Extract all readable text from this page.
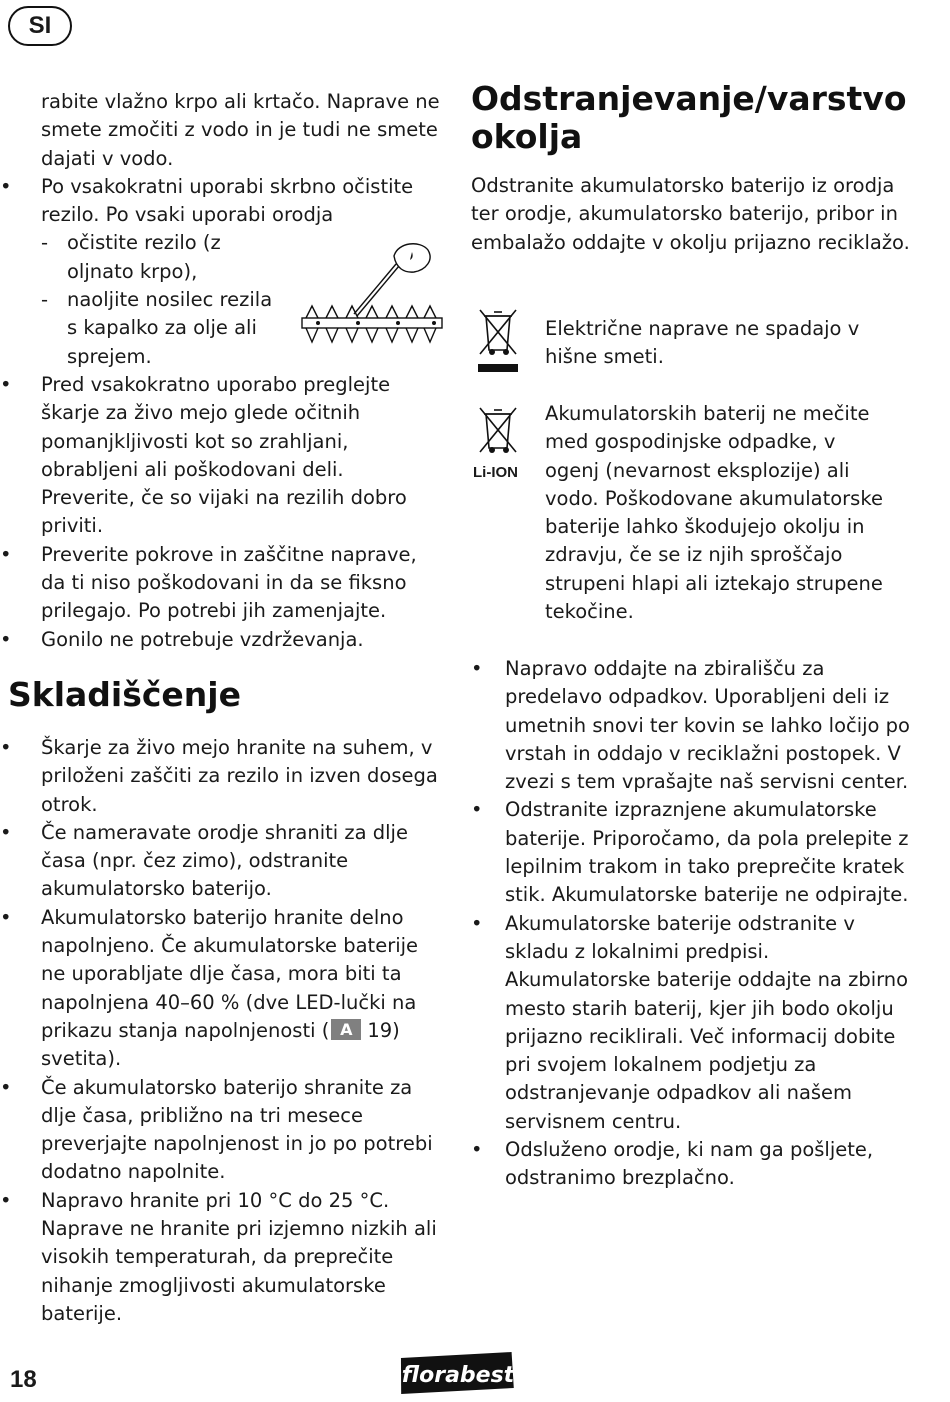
SI

rabite vlažno krpo ali krtačo. Naprave ne smete zmočiti z vodo in je tudi ne smete dajati v vodo.

• Po vsakokratni uporabi skrbno očistite rezilo. Po vsaki uporabi orodja

- očistite rezilo (z oljnato krpo),

- naoljite nosilec rezila s kapalko za olje ali sprejem.

• Pred vsakokratno uporabo preglejte škarje za živo mejo glede očitnih pomanjkljivosti kot so zrahljani, obrabljeni ali poškodovani deli. Preverite, če so vijaki na rezilih dobro priviti.

• Preverite pokrove in zaščitne naprave, da ti niso poškodovani in da se fiksno prilegajo. Po potrebi jih zamenjajte.

• Gonilo ne potrebuje vzdrževanja.

Skladiščenje

• Škarje za živo mejo hranite na suhem, v priloženi zaščiti za rezilo in izven dosega otrok.

• Če nameravate orodje shraniti za dlje časa (npr. čez zimo), odstranite akumulatorsko baterijo.

• Akumulatorsko baterijo hranite delno napolnjeno. Če akumulatorske baterije ne uporabljate dlje časa, mora biti ta napolnjena 40–60 % (dve LED-lučki na prikazu stanja napolnjenosti ( A 19) svetita).

• Če akumulatorsko baterijo shranite za dlje časa, približno na tri mesece preverjajte napolnjenost in jo po potrebi dodatno napolnite.

• Napravo hranite pri 10 °C do 25 °C. Naprave ne hranite pri izjemno nizkih ali visokih temperaturah, da preprečite nihanje zmogljivosti akumulatorske baterije.

Odstranjevanje/varstvo
okolja

Odstranite akumulatorsko baterijo iz orodja ter orodje, akumulatorsko baterijo, pribor in embalažo oddajte v okolju prijazno reciklažo.

Električne naprave ne spadajo v hišne smeti.
Li-ION
Akumulatorskih baterij ne mečite med gospodinjske odpadke, v ogenj (nevarnost eksplozije) ali vodo. Poškodovane akumulatorske baterije lahko škodujejo okolju in zdravju, če se iz njih sproščajo strupeni hlapi ali iztekajo strupene tekočine.

• Napravo oddajte na zbirališču za predelavo odpadkov. Uporabljeni deli iz umetnih snovi ter kovin se lahko ločijo po vrstah in oddajo v reciklažni postopek. V zvezi s tem vprašajte naš servisni center.

• Odstranite izpraznjene akumulatorske baterije. Priporočamo, da pola prelepite z lepilnim trakom in tako preprečite kratek stik. Akumulatorske baterije ne odpirajte.

• Akumulatorske baterije odstranite v skladu z lokalnimi predpisi. Akumulatorske baterije oddajte na zbirno mesto starih baterij, kjer jih bodo okolju prijazno reciklirali. Več informacij dobite pri svojem lokalnem podjetju za odstranjevanje odpadkov ali našem servisnem centru.

• Odsluženo orodje, ki nam ga pošljete, odstranimo brezplačno.

18	florabest
